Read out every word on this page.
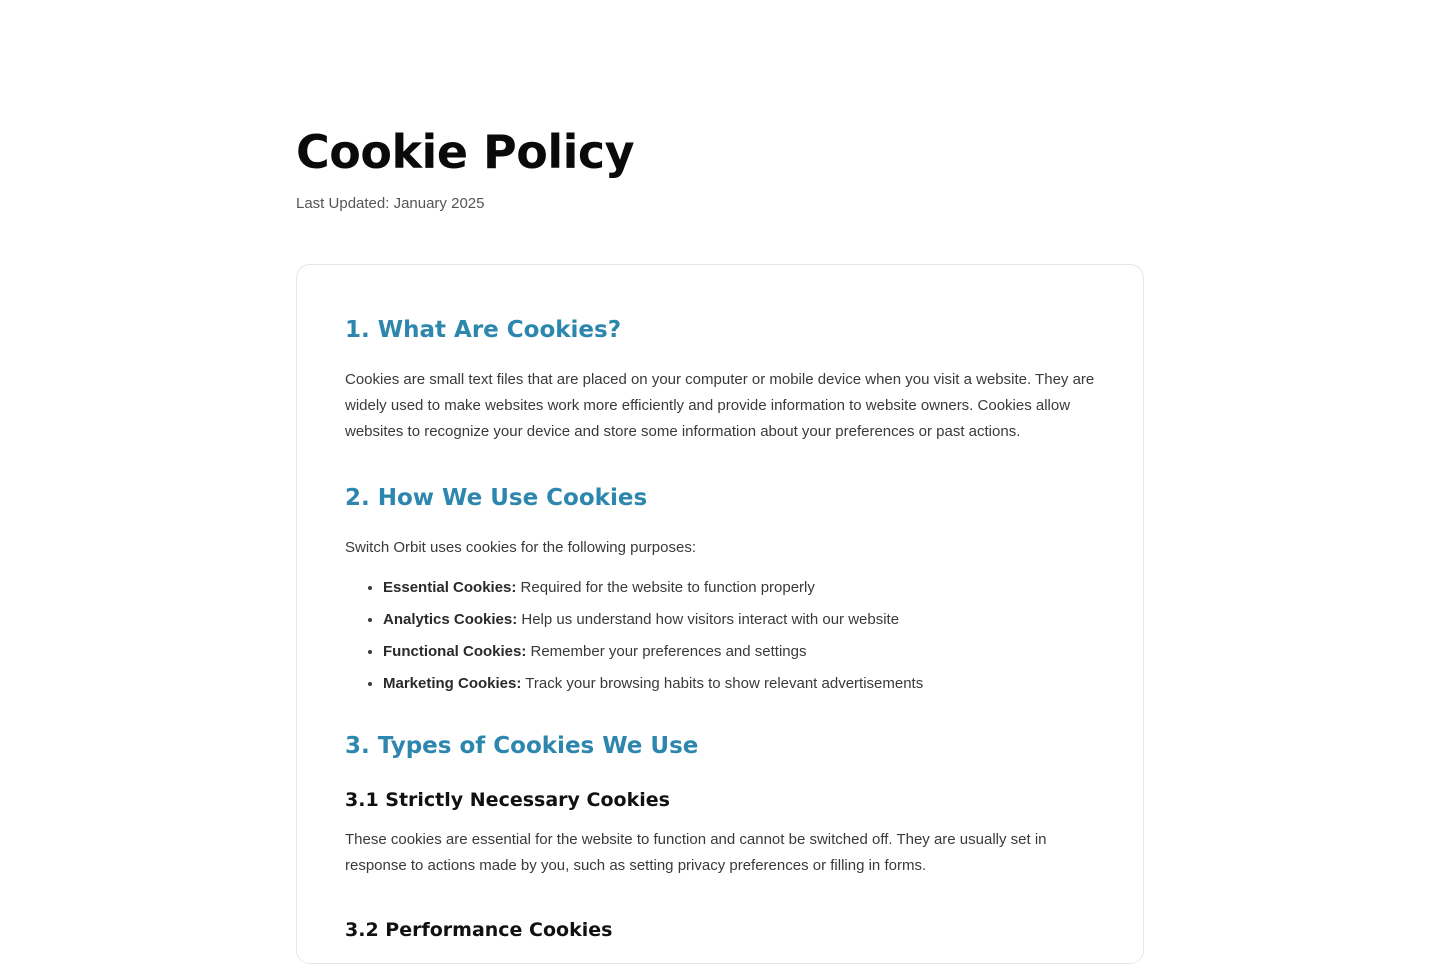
Cookie Policy
Last Updated: January 2025
1. What Are Cookies?

Cookies are small text files that are placed on your computer or mobile device when you visit a website. They are widely used to make websites work more efficiently and provide information to website owners. Cookies allow websites to recognize your device and store some information about your preferences or past actions.

2. How We Use Cookies

Switch Orbit uses cookies for the following purposes:

• Essential Cookies: Required for the website to function properly
• Analytics Cookies: Help us understand how visitors interact with our website
• Functional Cookies: Remember your preferences and settings
• Marketing Cookies: Track your browsing habits to show relevant advertisements
3. Types of Cookies We Use
3.1 Strictly Necessary Cookies

These cookies are essential for the website to function and cannot be switched off. They are usually set in response to actions made by you, such as setting privacy preferences or filling in forms.

3.2 Performance Cookies
